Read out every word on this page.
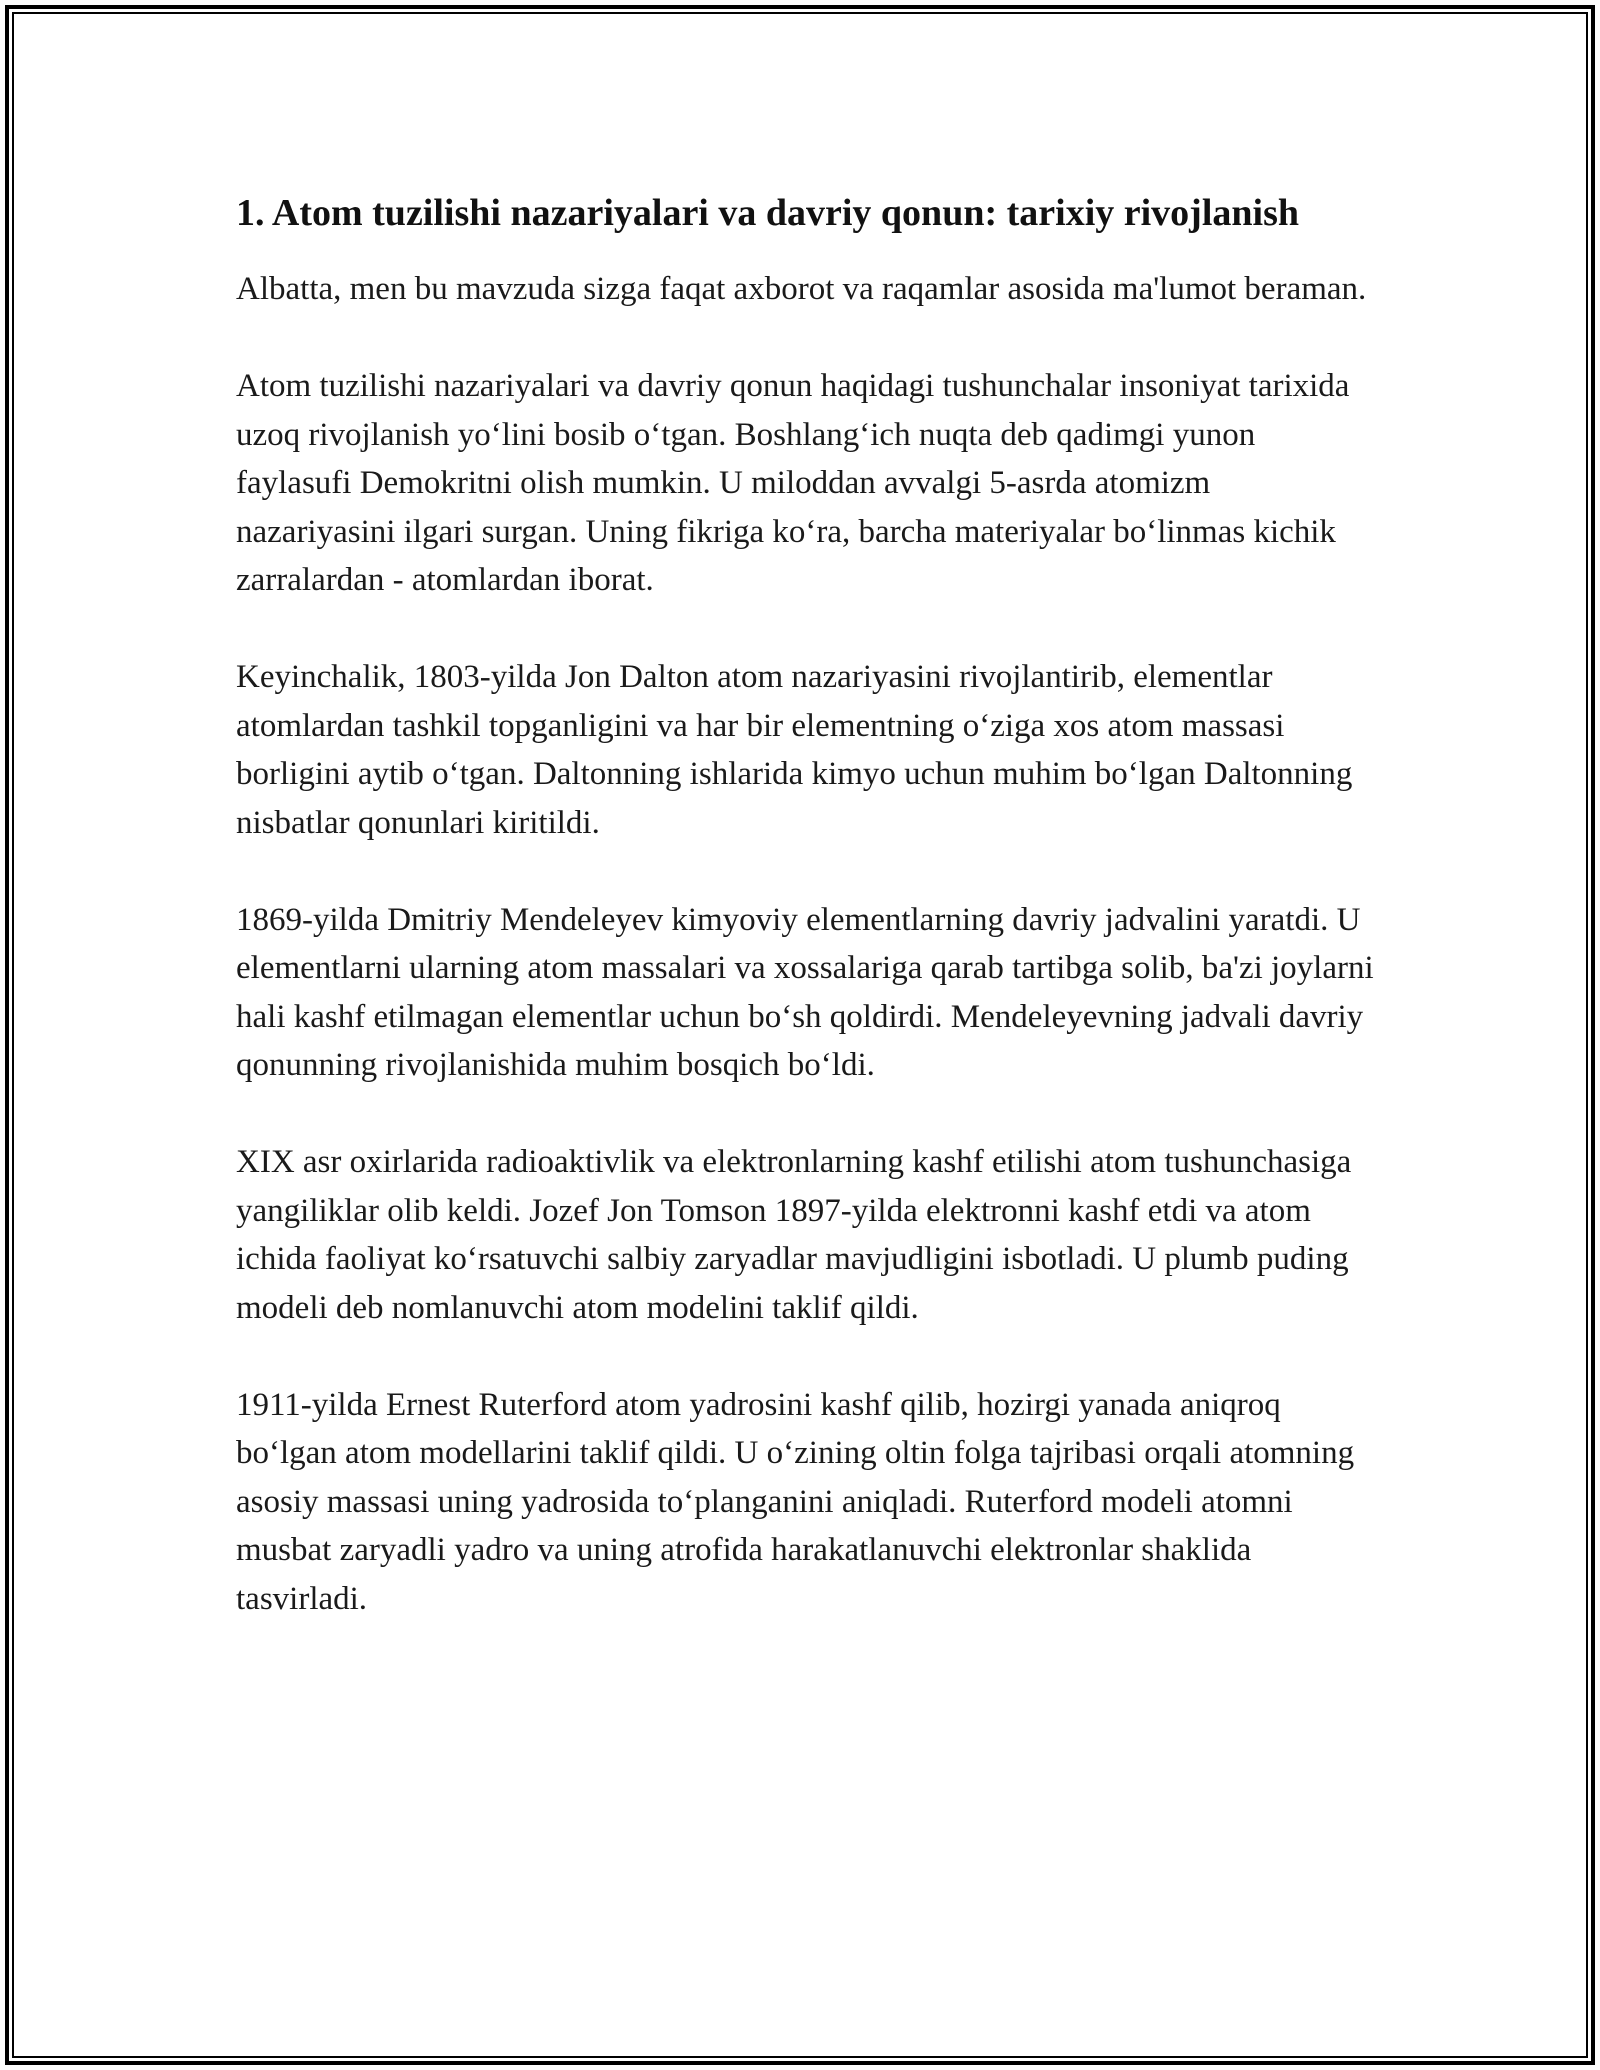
1. Atom tuzilishi nazariyalari va davriy qonun: tarixiy rivojlanish

Albatta, men bu mavzuda sizga faqat axborot va raqamlar asosida ma'lumot beraman.

Atom tuzilishi nazariyalari va davriy qonun haqidagi tushunchalar insoniyat tarixida uzoq rivojlanish yo‘lini bosib o‘tgan. Boshlang‘ich nuqta deb qadimgi yunon faylasufi Demokritni olish mumkin. U miloddan avvalgi 5-asrda atomizm nazariyasini ilgari surgan. Uning fikriga ko‘ra, barcha materiyalar bo‘linmas kichik zarralardan - atomlardan iborat.

Keyinchalik, 1803-yilda Jon Dalton atom nazariyasini rivojlantirib, elementlar atomlardan tashkil topganligini va har bir elementning o‘ziga xos atom massasi borligini aytib o‘tgan. Daltonning ishlarida kimyo uchun muhim bo‘lgan Daltonning nisbatlar qonunlari kiritildi.

1869-yilda Dmitriy Mendeleyev kimyoviy elementlarning davriy jadvalini yaratdi. U elementlarni ularning atom massalari va xossalariga qarab tartibga solib, ba'zi joylarni hali kashf etilmagan elementlar uchun bo‘sh qoldirdi. Mendeleyevning jadvali davriy qonunning rivojlanishida muhim bosqich bo‘ldi.

XIX asr oxirlarida radioaktivlik va elektronlarning kashf etilishi atom tushunchasiga yangiliklar olib keldi. Jozef Jon Tomson 1897-yilda elektronni kashf etdi va atom ichida faoliyat ko‘rsatuvchi salbiy zaryadlar mavjudligini isbotladi. U plumb puding modeli deb nomlanuvchi atom modelini taklif qildi.

1911-yilda Ernest Ruterford atom yadrosini kashf qilib, hozirgi yanada aniqroq bo‘lgan atom modellarini taklif qildi. U o‘zining oltin folga tajribasi orqali atomning asosiy massasi uning yadrosida to‘planganini aniqladi. Ruterford modeli atomni musbat zaryadli yadro va uning atrofida harakatlanuvchi elektronlar shaklida tasvirladi.
